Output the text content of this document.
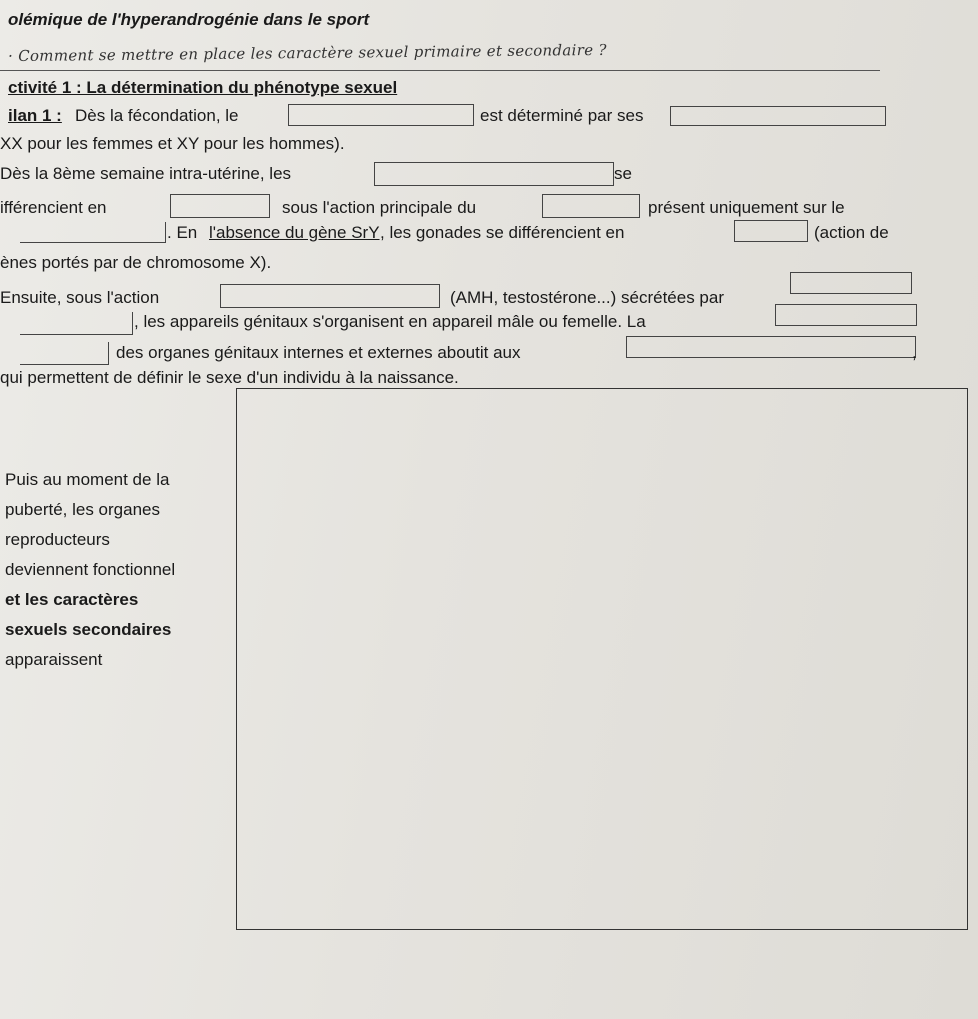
olémique de l'hyperandrogénie dans le sport
· Comment se mettre en place les caractère sexuel primaire et secondaire ?
ctivité 1 : La détermination du phénotype sexuel
ilan 1 : Dès la fécondation, le	est déterminé par ses
XX pour les femmes et XY pour les hommes).
Dès la 8ème semaine intra-utérine, les	se
ifférencient en	sous l'action principale du	présent uniquement sur le
. En l'absence du gène SrY , les gonades se différencient en	(action de
ènes portés par de chromosome X).
Ensuite, sous l'action	(AMH, testostérone...) sécrétées par
, les appareils génitaux s'organisent en appareil mâle ou femelle. La
des organes génitaux internes et externes aboutit aux	,
qui permettent de définir le sexe d'un individu à la naissance.
Puis au moment de la
puberté, les organes
reproducteurs
deviennent fonctionnel
et les caractères
sexuels secondaires
apparaissent
